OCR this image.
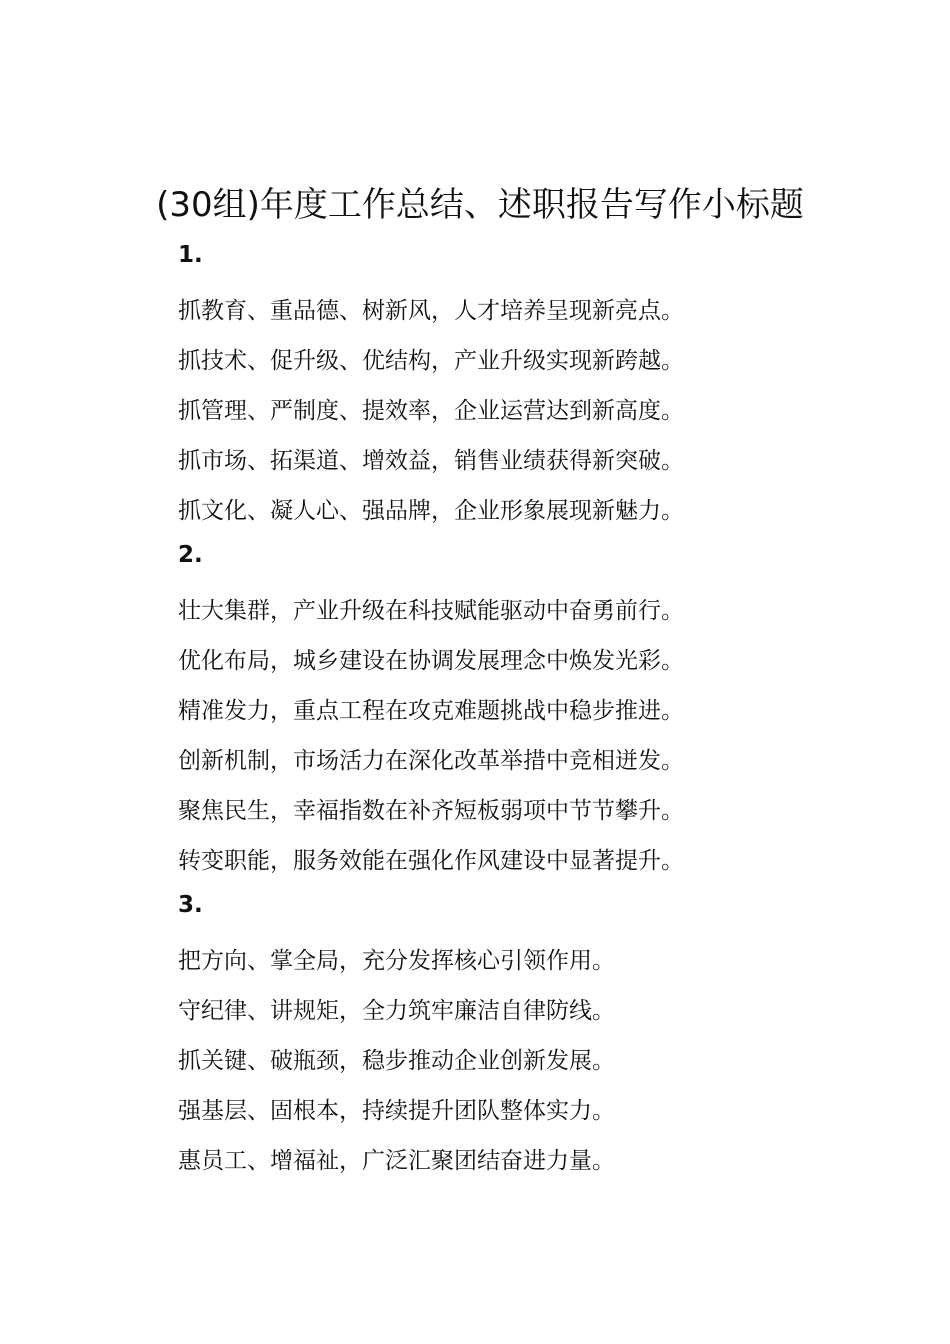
(30组)年度工作总结、述职报告写作小标题
1.
抓教育、重品德、树新风，人才培养呈现新亮点。
抓技术、促升级、优结构，产业升级实现新跨越。
抓管理、严制度、提效率，企业运营达到新高度。
抓市场、拓渠道、增效益，销售业绩获得新突破。
抓文化、凝人心、强品牌，企业形象展现新魅力。
2.
壮大集群，产业升级在科技赋能驱动中奋勇前行。
优化布局，城乡建设在协调发展理念中焕发光彩。
精准发力，重点工程在攻克难题挑战中稳步推进。
创新机制，市场活力在深化改革举措中竞相迸发。
聚焦民生，幸福指数在补齐短板弱项中节节攀升。
转变职能，服务效能在强化作风建设中显著提升。
3.
把方向、掌全局，充分发挥核心引领作用。
守纪律、讲规矩，全力筑牢廉洁自律防线。
抓关键、破瓶颈，稳步推动企业创新发展。
强基层、固根本，持续提升团队整体实力。
惠员工、增福祉，广泛汇聚团结奋进力量。
